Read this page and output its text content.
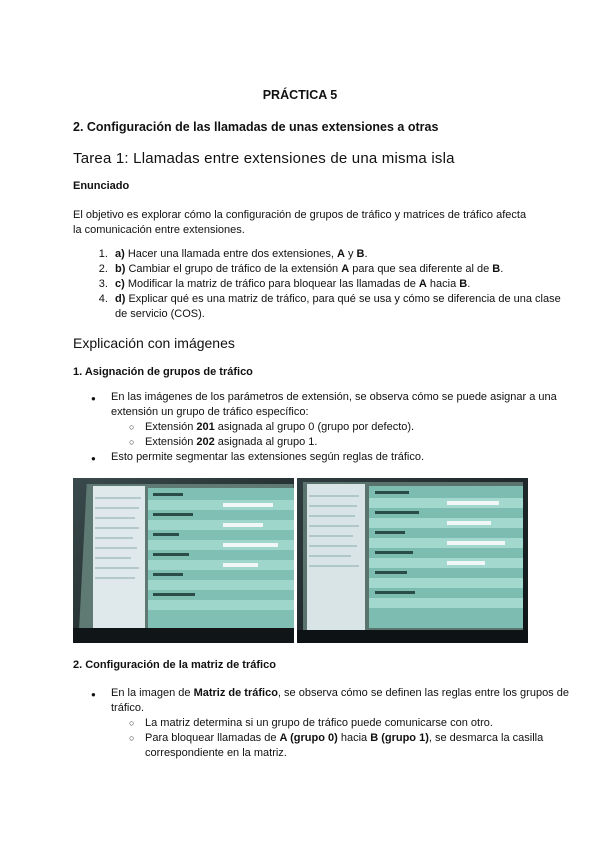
PRÁCTICA 5
2. Configuración de las llamadas de unas extensiones a otras
Tarea 1: Llamadas entre extensiones de una misma isla
Enunciado
El objetivo es explorar cómo la configuración de grupos de tráfico y matrices de tráfico afecta la comunicación entre extensiones.
1. a) Hacer una llamada entre dos extensiones, A y B.
2. b) Cambiar el grupo de tráfico de la extensión A para que sea diferente al de B.
3. c) Modificar la matriz de tráfico para bloquear las llamadas de A hacia B.
4. d) Explicar qué es una matriz de tráfico, para qué se usa y cómo se diferencia de una clase de servicio (COS).
Explicación con imágenes
1. Asignación de grupos de tráfico
● En las imágenes de los parámetros de extensión, se observa cómo se puede asignar a una extensión un grupo de tráfico específico:
○ Extensión 201 asignada al grupo 0 (grupo por defecto).
○ Extensión 202 asignada al grupo 1.
● Esto permite segmentar las extensiones según reglas de tráfico.
2. Configuración de la matriz de tráfico
● En la imagen de Matriz de tráfico, se observa cómo se definen las reglas entre los grupos de tráfico.
○ La matriz determina si un grupo de tráfico puede comunicarse con otro.
○ Para bloquear llamadas de A (grupo 0) hacia B (grupo 1), se desmarca la casilla correspondiente en la matriz.
